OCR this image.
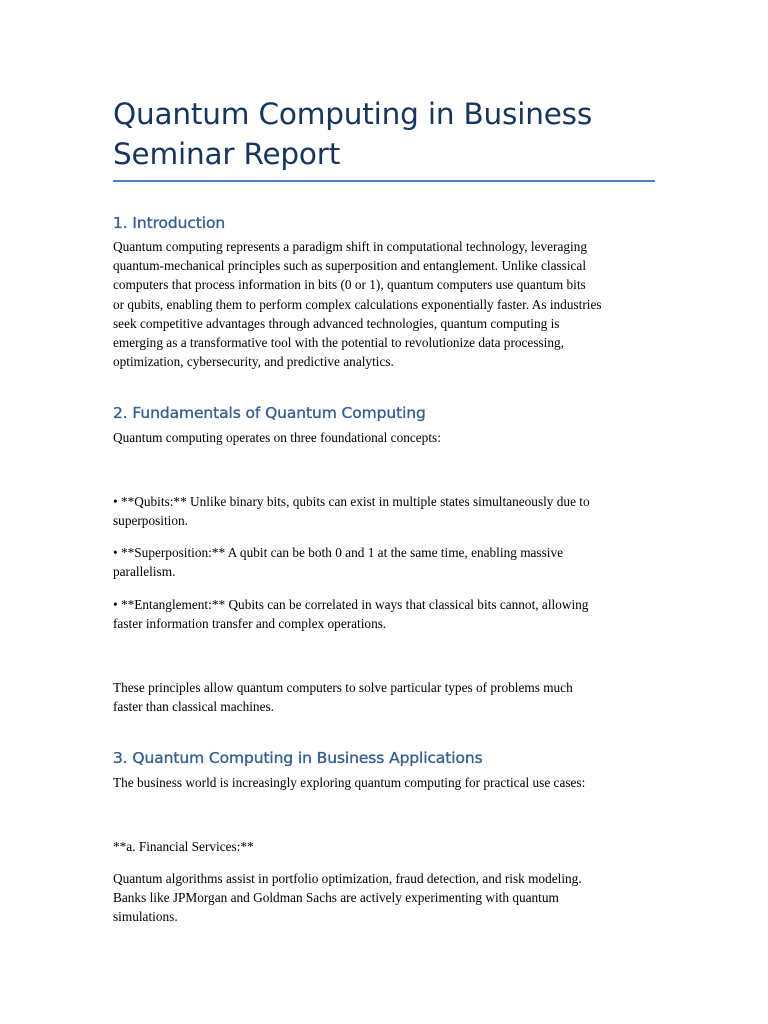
Quantum Computing in Business
Seminar Report
1. Introduction

Quantum computing represents a paradigm shift in computational technology, leveraging
quantum-mechanical principles such as superposition and entanglement. Unlike classical
computers that process information in bits (0 or 1), quantum computers use quantum bits
or qubits, enabling them to perform complex calculations exponentially faster. As industries
seek competitive advantages through advanced technologies, quantum computing is
emerging as a transformative tool with the potential to revolutionize data processing,
optimization, cybersecurity, and predictive analytics.

2. Fundamentals of Quantum Computing

Quantum computing operates on three foundational concepts:

• **Qubits:** Unlike binary bits, qubits can exist in multiple states simultaneously due to
superposition.

• **Superposition:** A qubit can be both 0 and 1 at the same time, enabling massive
parallelism.

• **Entanglement:** Qubits can be correlated in ways that classical bits cannot, allowing
faster information transfer and complex operations.

These principles allow quantum computers to solve particular types of problems much
faster than classical machines.

3. Quantum Computing in Business Applications

The business world is increasingly exploring quantum computing for practical use cases:

**a. Financial Services:**

Quantum algorithms assist in portfolio optimization, fraud detection, and risk modeling.
Banks like JPMorgan and Goldman Sachs are actively experimenting with quantum
simulations.
